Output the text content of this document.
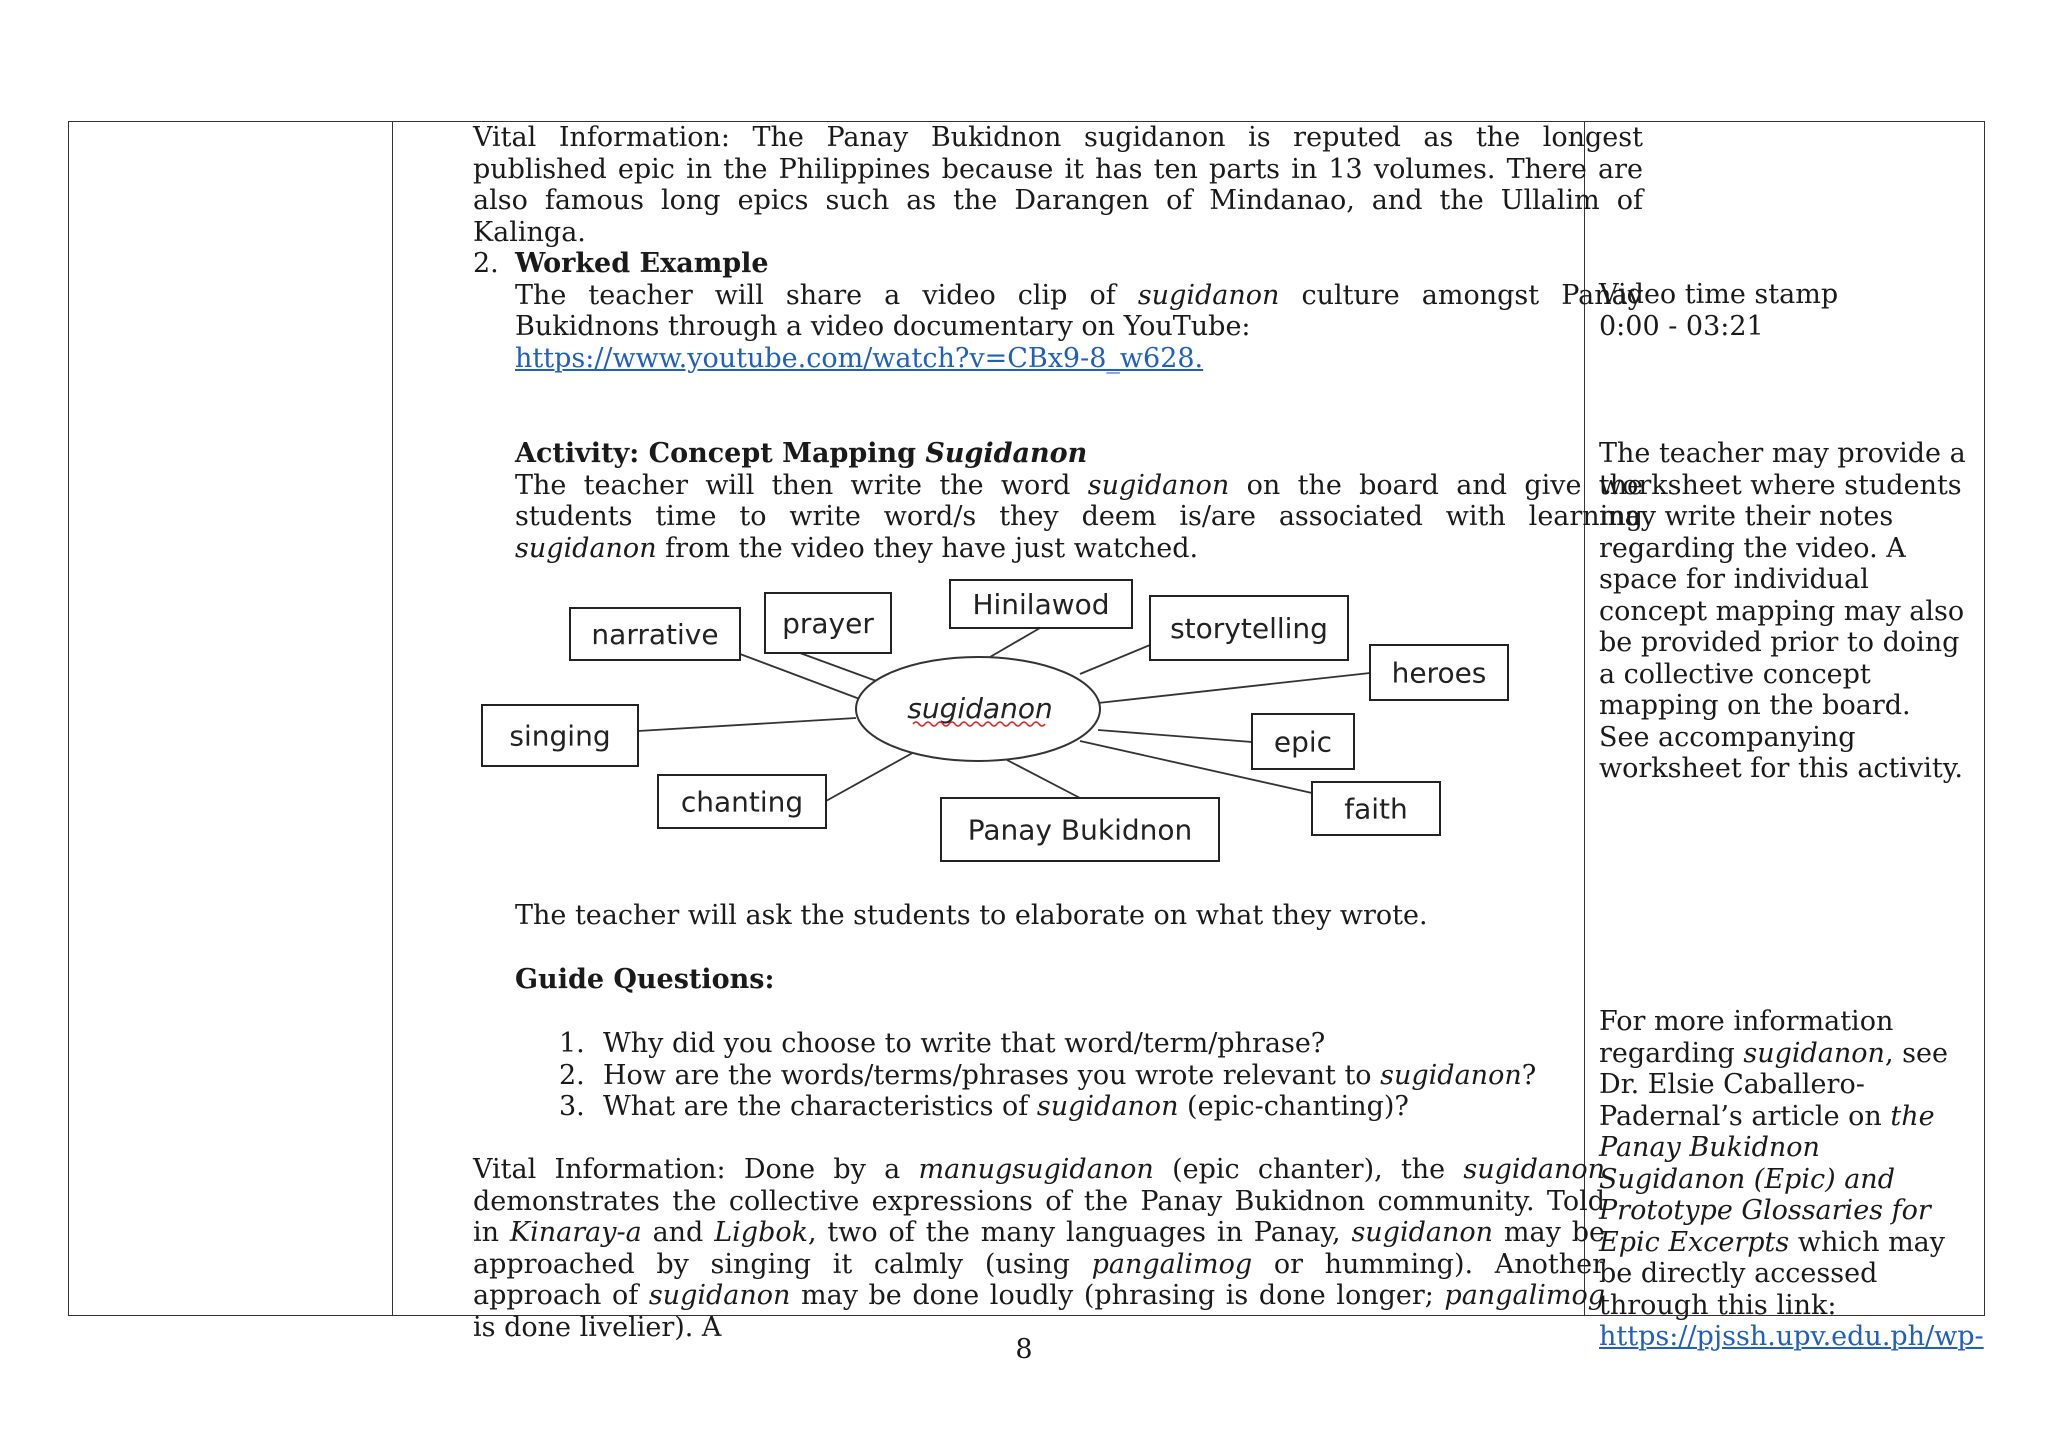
Vital Information: The Panay Bukidnon sugidanon is reputed as the longest published epic in the Philippines because it has ten parts in 13 volumes. There are also famous long epics such as the Darangen of Mindanao, and the Ullalim of Kalinga.
2. Worked Example
The teacher will share a video clip of sugidanon culture amongst Panay Bukidnons through a video documentary on YouTube:
https://www.youtube.com/watch?v=CBx9-8_w628.
Activity: Concept Mapping Sugidanon
The teacher will then write the word sugidanon on the board and give the students time to write word/s they deem is/are associated with learning sugidanon from the video they have just watched.
The teacher will ask the students to elaborate on what they wrote.
Guide Questions:
1. Why did you choose to write that word/term/phrase?
2. How are the words/terms/phrases you wrote relevant to sugidanon?
3. What are the characteristics of sugidanon (epic-chanting)?
Vital Information: Done by a manugsugidanon (epic chanter), the sugidanon demonstrates the collective expressions of the Panay Bukidnon community. Told in Kinaray-a and Ligbok, two of the many languages in Panay, sugidanon may be approached by singing it calmly (using pangalimog or humming). Another approach of sugidanon may be done loudly (phrasing is done longer; pangalimog is done livelier). A
Video time stamp
0:00 - 03:21
The teacher may provide a worksheet where students may write their notes regarding the video. A space for individual concept mapping may also be provided prior to doing a collective concept mapping on the board. See accompanying worksheet for this activity.
For more information regarding sugidanon, see Dr. Elsie Caballero-Padernal’s article on the Panay Bukidnon Sugidanon (Epic) and Prototype Glossaries for Epic Excerpts which may be directly accessed through this link: https://pjssh.upv.edu.ph/wp-
sugidanon
narrative prayer
Hinilawod
storytelling
heroes
singing	epic
chanting
Panay Bukidnon
faith
8
